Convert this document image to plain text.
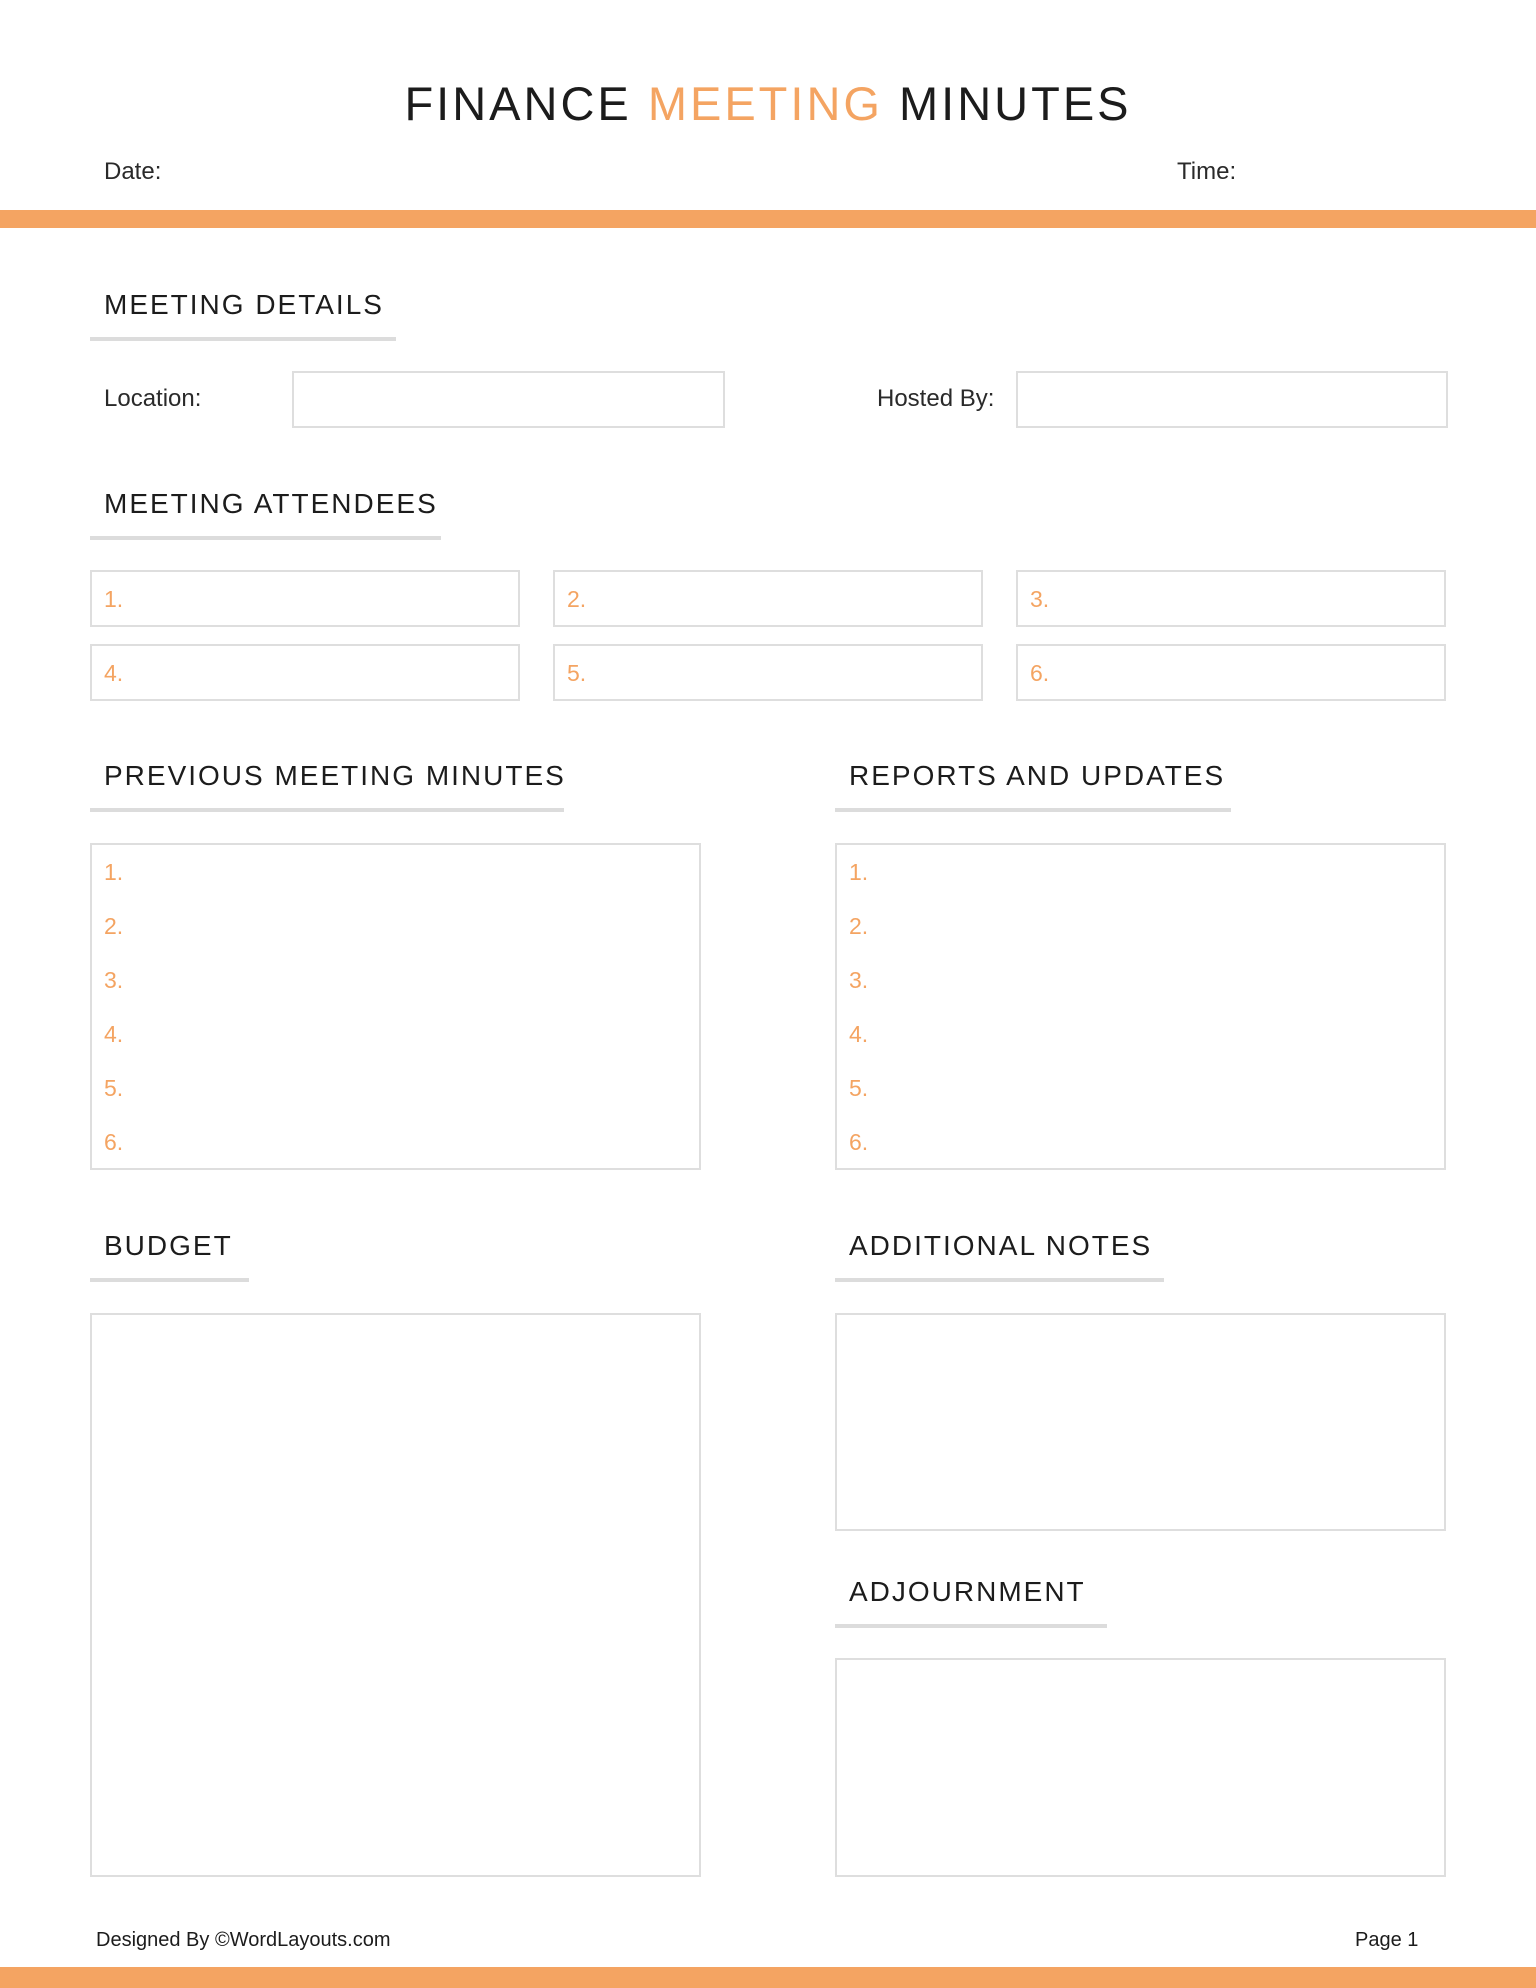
FINANCE MEETING MINUTES
Date:	Time:
MEETING DETAILS
Location:	Hosted By:
MEETING ATTENDEES
1.	2.	3.
4.	5.	6.
PREVIOUS MEETING MINUTES
1.
2.
3.
4.
5.
6.
REPORTS AND UPDATES
1.
2.
3.
4.
5.
6.
BUDGET	ADDITIONAL NOTES
ADJOURNMENT
Designed By ©WordLayouts.com	Page 1
